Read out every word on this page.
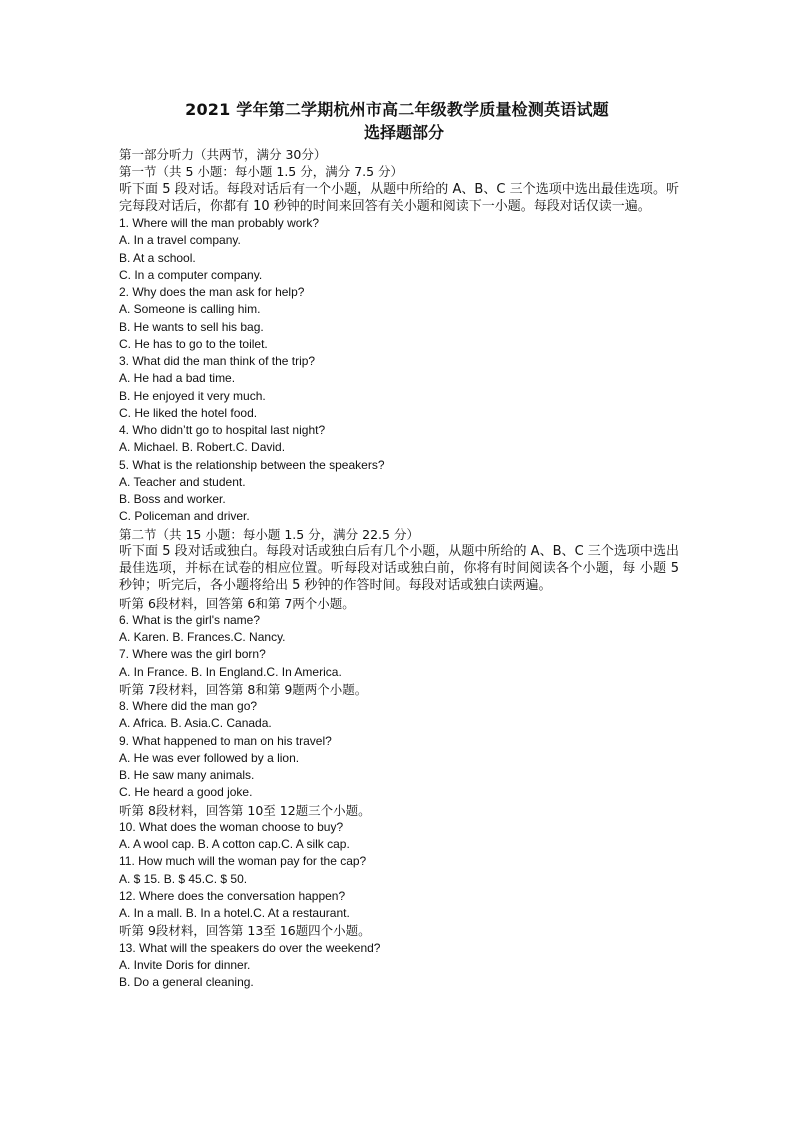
2021 学年第二学期杭州市高二年级教学质量检测英语试题
选择题部分
第一部分听力（共两节，满分 30分）
第一节（共 5 小题：每小题 1.5 分，满分 7.5 分）
听下面 5 段对话。每段对话后有一个小题，从题中所给的 A、B、C 三个选项中选出最佳选项。听完每段对话后，你都有 10 秒钟的时间来回答有关小题和阅读下一小题。每段对话仅读一遍。
1. Where will the man probably work?
A. In a travel company.
B. At a school.
C. In a computer company.
2. Why does the man ask for help?
A. Someone is calling him.
B. He wants to sell his bag.
C. He has to go to the toilet.
3. What did the man think of the trip?
A. He had a bad time.
B. He enjoyed it very much.
C. He liked the hotel food.
4. Who didn’tt go to hospital last night?
A. Michael. B. Robert.C. David.
5. What is the relationship between the speakers?
A. Teacher and student.
B. Boss and worker.
C. Policeman and driver.
第二节（共 15 小题：每小题 1.5 分，满分 22.5 分）
听下面 5 段对话或独白。每段对话或独白后有几个小题，从题中所给的 A、B、C 三个选项中选出最佳选项，并标在试卷的相应位置。听每段对话或独白前，你将有时间阅读各个小题，每 小题 5 秒钟；听完后，各小题将给出 5 秒钟的作答时间。每段对话或独白读两遍。
听第 6段材料，回答第 6和第 7两个小题。
6. What is the girl's name?
A. Karen. B. Frances.C. Nancy.
7. Where was the girl born?
A. In France. B. In England.C. In America.
听第 7段材料，回答第 8和第 9题两个小题。
8. Where did the man go?
A. Africa. B. Asia.C. Canada.
9. What happened to man on his travel?
A. He was ever followed by a lion.
B. He saw many animals.
C. He heard a good joke.
听第 8段材料，回答第 10至 12题三个小题。
10. What does the woman choose to buy?
A. A wool cap. B. A cotton cap.C. A silk cap.
11. How much will the woman pay for the cap?
A. $ 15. B. $ 45.C. $ 50.
12. Where does the conversation happen?
A. In a mall. B. In a hotel.C. At a restaurant.
听第 9段材料，回答第 13至 16题四个小题。
13. What will the speakers do over the weekend?
A. Invite Doris for dinner.
B. Do a general cleaning.
